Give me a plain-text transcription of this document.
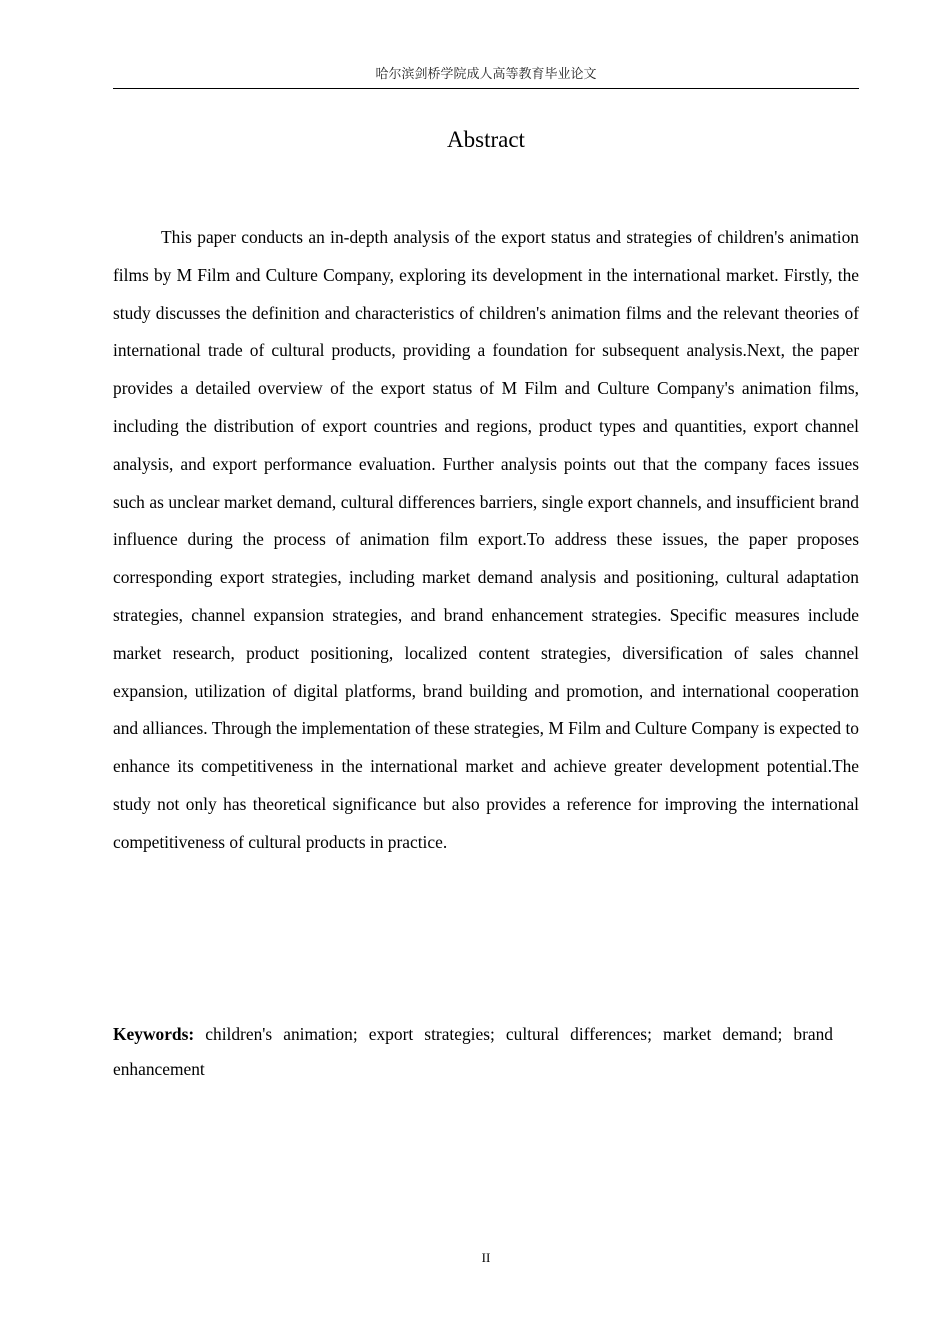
哈尔滨剑桥学院成人高等教育毕业论文
Abstract

This paper conducts an in-depth analysis of the export status and strategies of children's animation films by M Film and Culture Company, exploring its development in the international market. Firstly, the study discusses the definition and characteristics of children's animation films and the relevant theories of international trade of cultural products, providing a foundation for subsequent analysis.Next, the paper provides a detailed overview of the export status of M Film and Culture Company's animation films, including the distribution of export countries and regions, product types and quantities, export channel analysis, and export performance evaluation. Further analysis points out that the company faces issues such as unclear market demand, cultural differences barriers, single export channels, and insufficient brand influence during the process of animation film export.To address these issues, the paper proposes corresponding export strategies, including market demand analysis and positioning, cultural adaptation strategies, channel expansion strategies, and brand enhancement strategies. Specific measures include market research, product positioning, localized content strategies, diversification of sales channel expansion, utilization of digital platforms, brand building and promotion, and international cooperation and alliances. Through the implementation of these strategies, M Film and Culture Company is expected to enhance its competitiveness in the international market and achieve greater development potential.The study not only has theoretical significance but also provides a reference for improving the international competitiveness of cultural products in practice.

Keywords: children's animation; export strategies; cultural differences; market demand; brand enhancement

II
